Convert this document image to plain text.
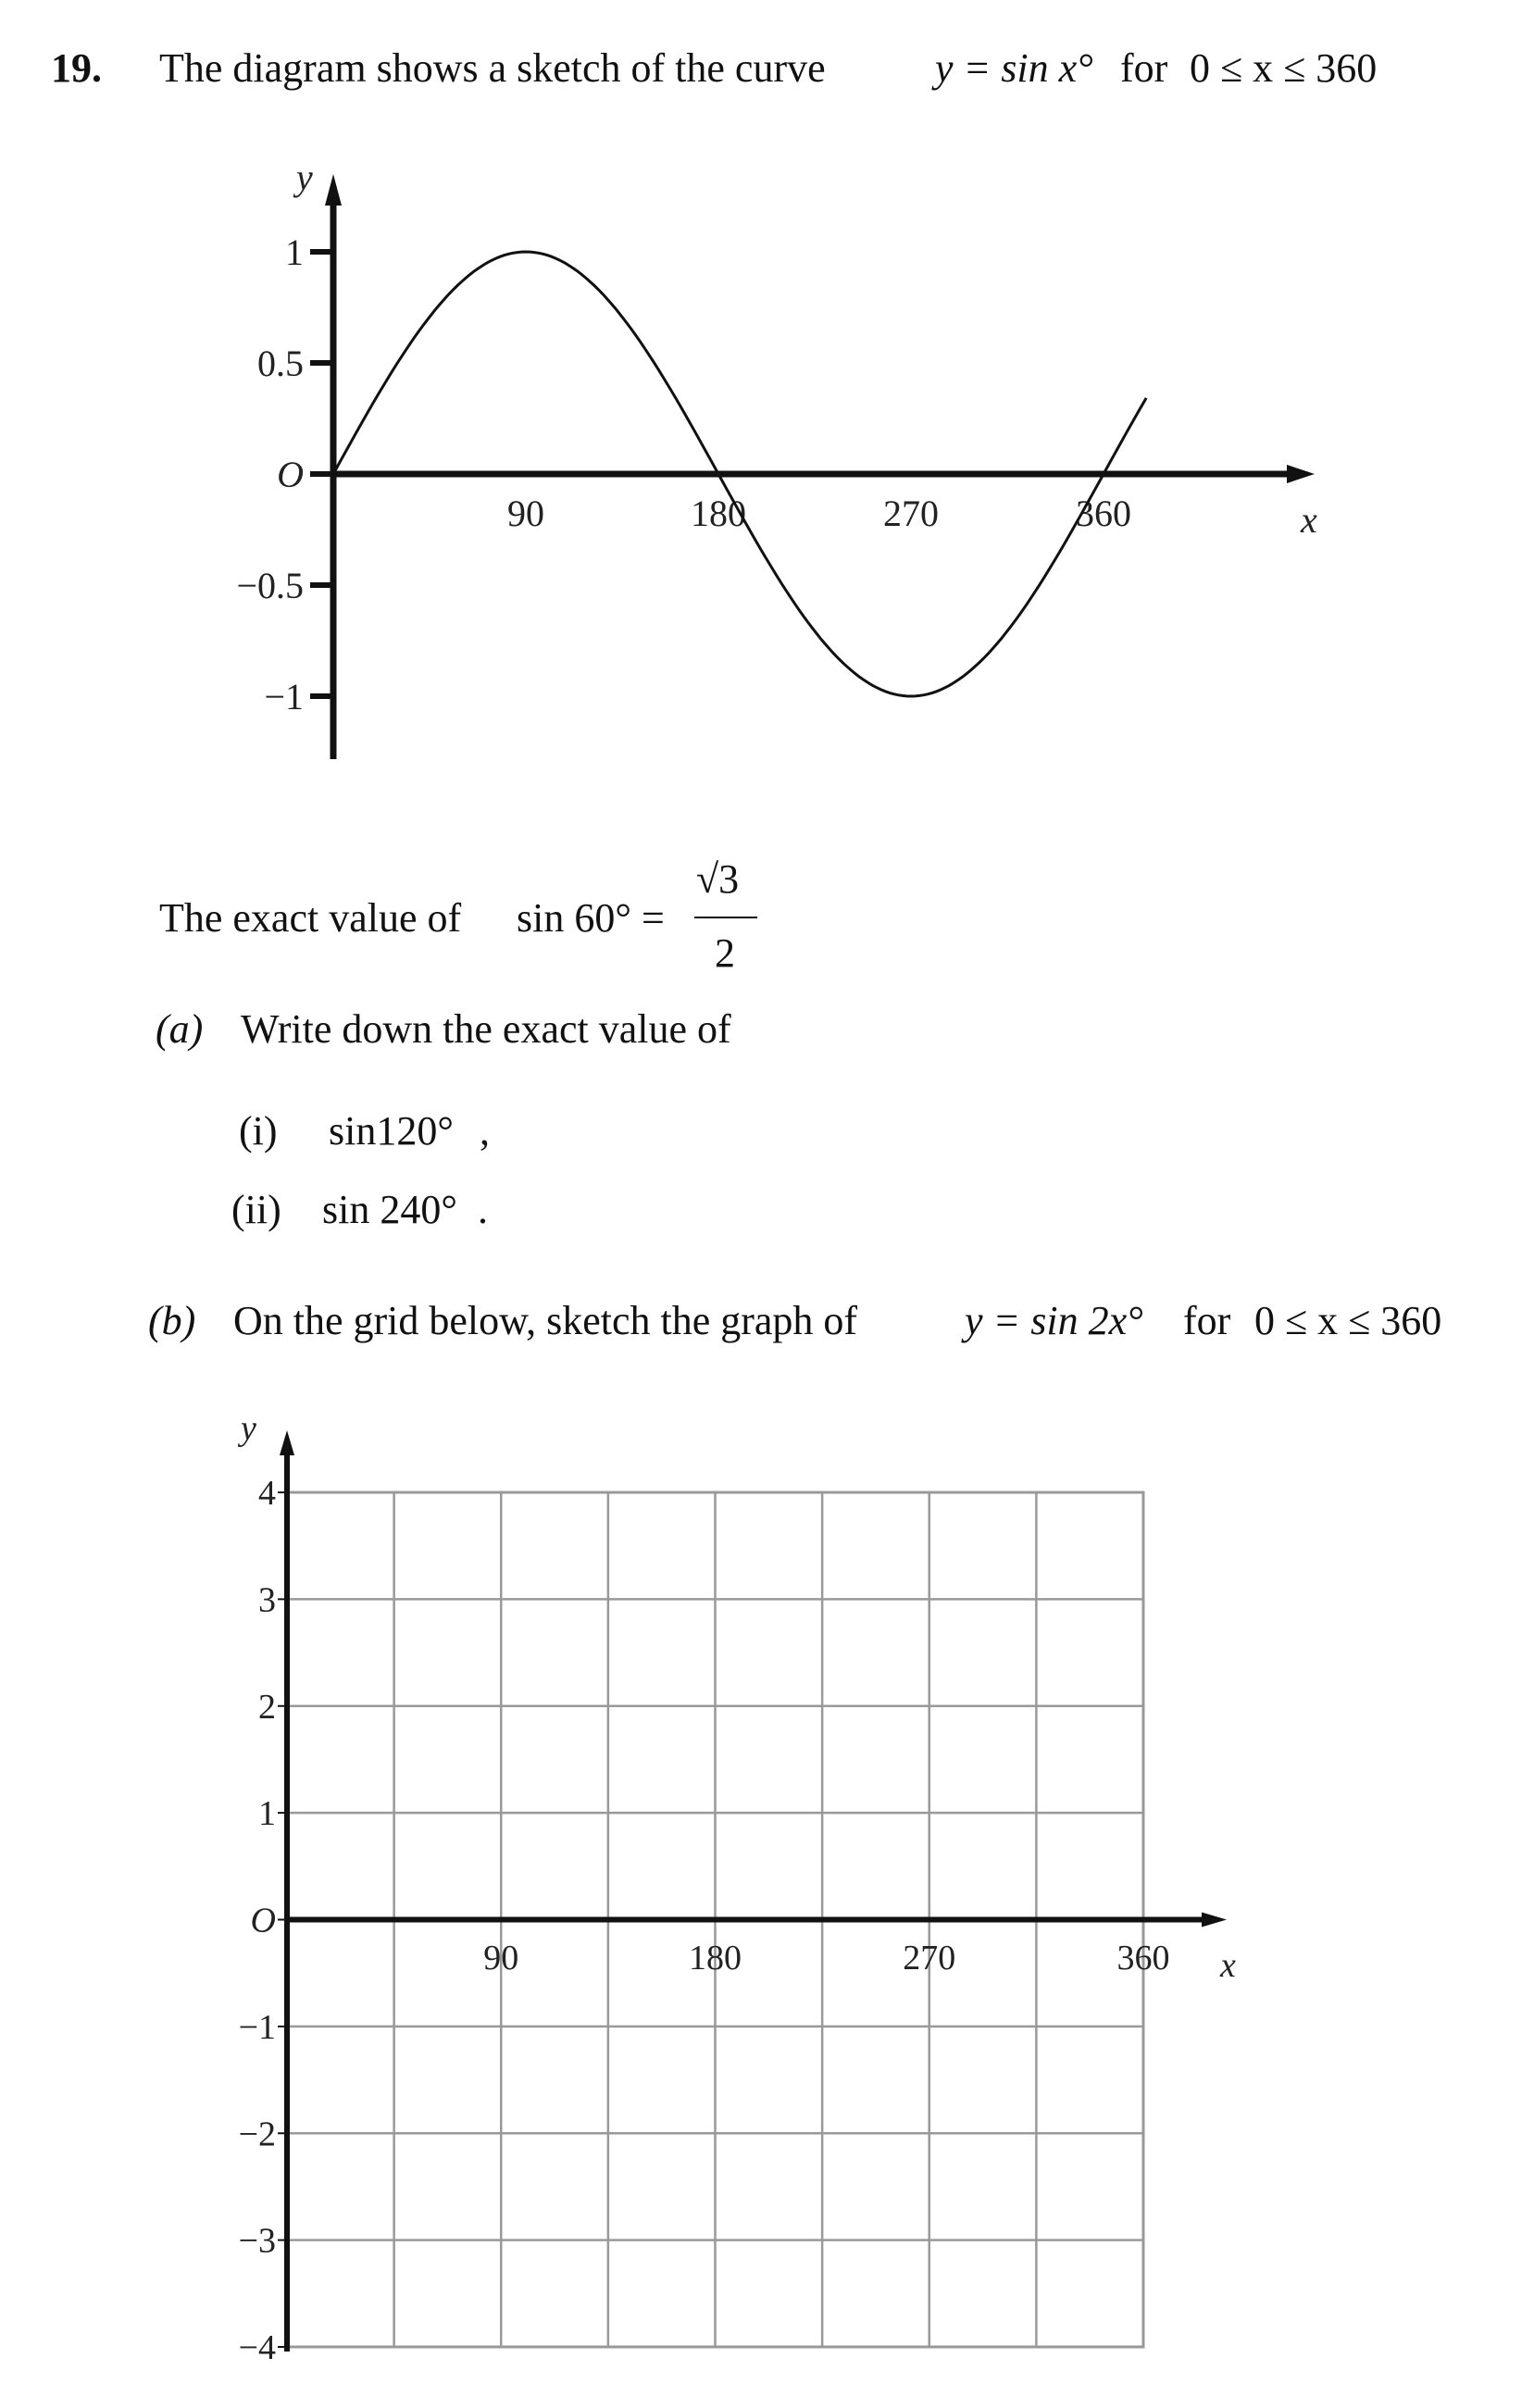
19. The diagram shows a sketch of the curve	y = sin x° for 0 ≤ x ≤ 360
y
x
1
0.5
O
−0.5
−1
90	180	270	360
The exact value of sin 60° =
√3
2
(a) Write down the exact value of
(i) sin120° ,
(ii) sin 240° .
(b) On the grid below, sketch the graph of	y = sin 2x° for 0 ≤ x ≤ 360
y
x
4
3
2
1
O
−1
−2
−3
−4
90	180	270	360
